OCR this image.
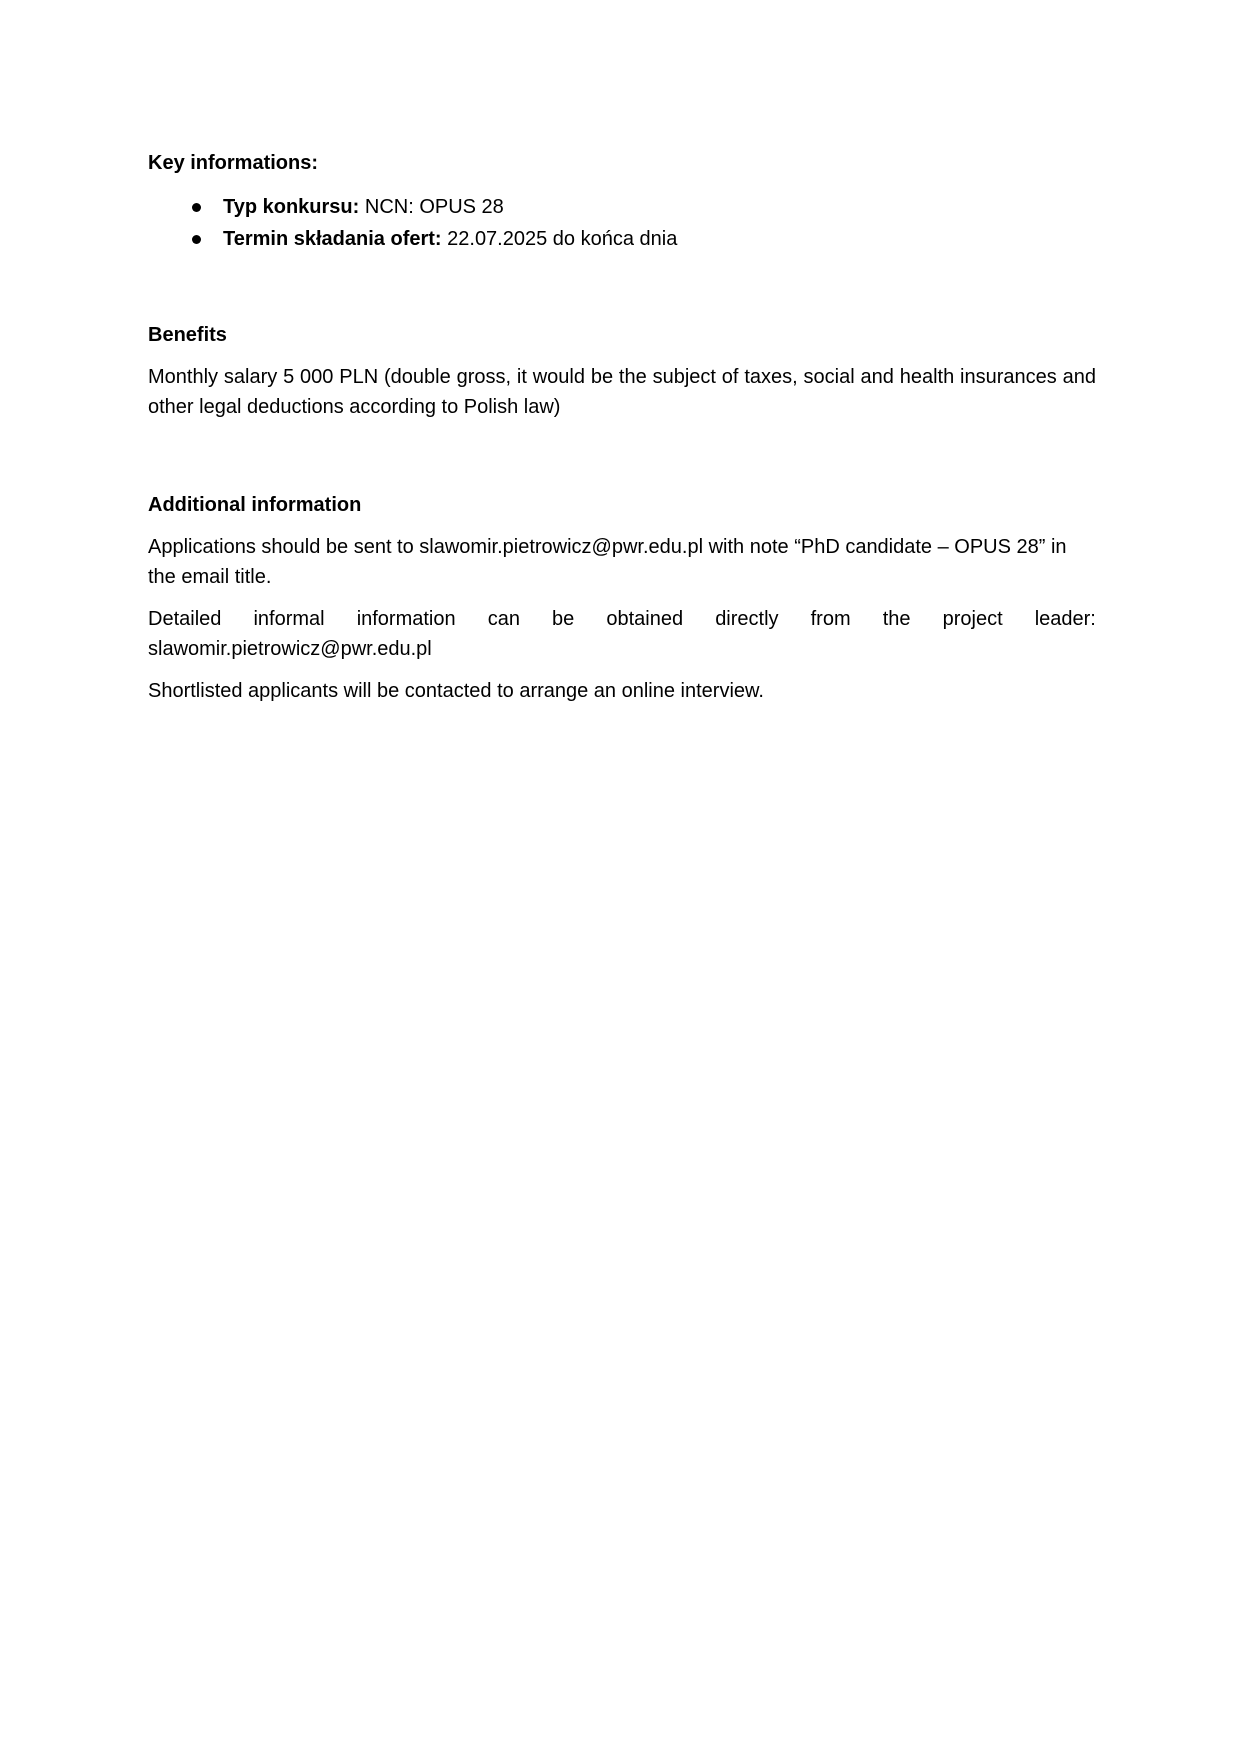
Key informations:

Typ konkursu: NCN: OPUS 28
Termin składania ofert: 22.07.2025 do końca dnia

Benefits

Monthly salary 5 000 PLN (double gross, it would be the subject of taxes, social and health insurances and other legal deductions according to Polish law)

Additional information

Applications should be sent to slawomir.pietrowicz@pwr.edu.pl with note “PhD candidate – OPUS 28” in the email title.

Detailed informal information can be obtained directly from the project leader:
slawomir.pietrowicz@pwr.edu.pl

Shortlisted applicants will be contacted to arrange an online interview.
